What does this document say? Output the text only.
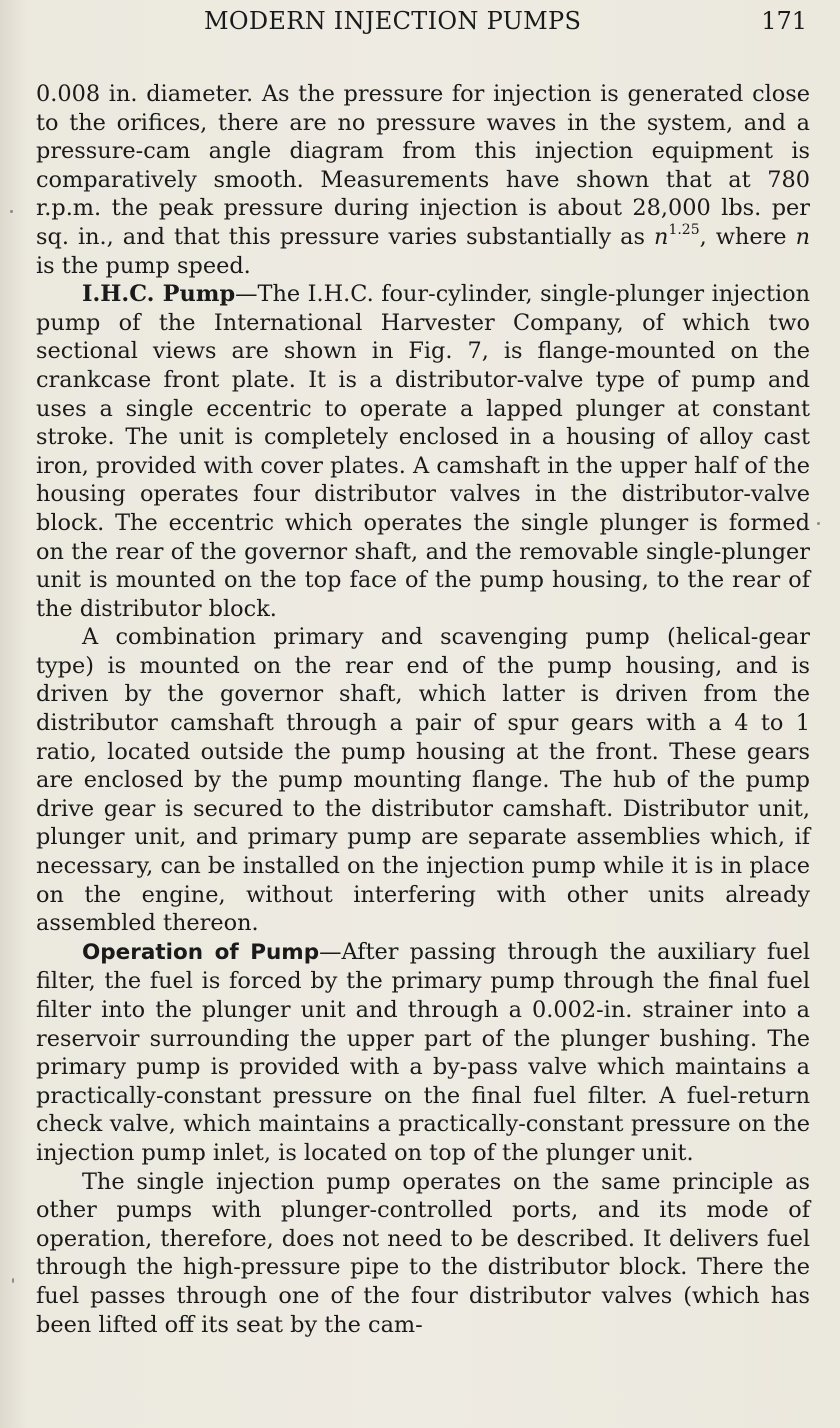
MODERN INJECTION PUMPS	171

0.008 in. diameter. As the pressure for injection is generated close to the orifices, there are no pressure waves in the system, and a pressure-cam angle diagram from this injection equipment is comparatively smooth. Measurements have shown that at 780 r.p.m. the peak pressure during injection is about 28,000 lbs. per sq. in., and that this pressure varies substantially as $n^{1.25}$, where n is the pump speed.

I.H.C. Pump—The I.H.C. four-cylinder, single-plunger injection pump of the International Harvester Company, of which two sectional views are shown in Fig. 7, is flange-mounted on the crankcase front plate. It is a distributor-valve type of pump and uses a single eccentric to operate a lapped plunger at constant stroke. The unit is completely enclosed in a housing of alloy cast iron, provided with cover plates. A camshaft in the upper half of the housing operates four distributor valves in the distributor-valve block. The eccentric which operates the single plunger is formed on the rear of the governor shaft, and the removable single-plunger unit is mounted on the top face of the pump housing, to the rear of the distributor block.

A combination primary and scavenging pump (helical-gear type) is mounted on the rear end of the pump housing, and is driven by the governor shaft, which latter is driven from the distributor camshaft through a pair of spur gears with a 4 to 1 ratio, located outside the pump housing at the front. These gears are enclosed by the pump mounting flange. The hub of the pump drive gear is secured to the distributor camshaft. Distributor unit, plunger unit, and primary pump are separate assemblies which, if necessary, can be installed on the injection pump while it is in place on the engine, without interfering with other units already assembled thereon.

Operation of Pump—After passing through the auxiliary fuel filter, the fuel is forced by the primary pump through the final fuel filter into the plunger unit and through a 0.002-in. strainer into a reservoir surrounding the upper part of the plunger bushing. The primary pump is provided with a by-pass valve which maintains a practically-constant pressure on the final fuel filter. A fuel-return check valve, which maintains a practically-constant pressure on the injection pump inlet, is located on top of the plunger unit.

The single injection pump operates on the same principle as other pumps with plunger-controlled ports, and its mode of operation, therefore, does not need to be described. It delivers fuel through the high-pressure pipe to the distributor block. There the fuel passes through one of the four distributor valves (which has been lifted off its seat by the cam-
